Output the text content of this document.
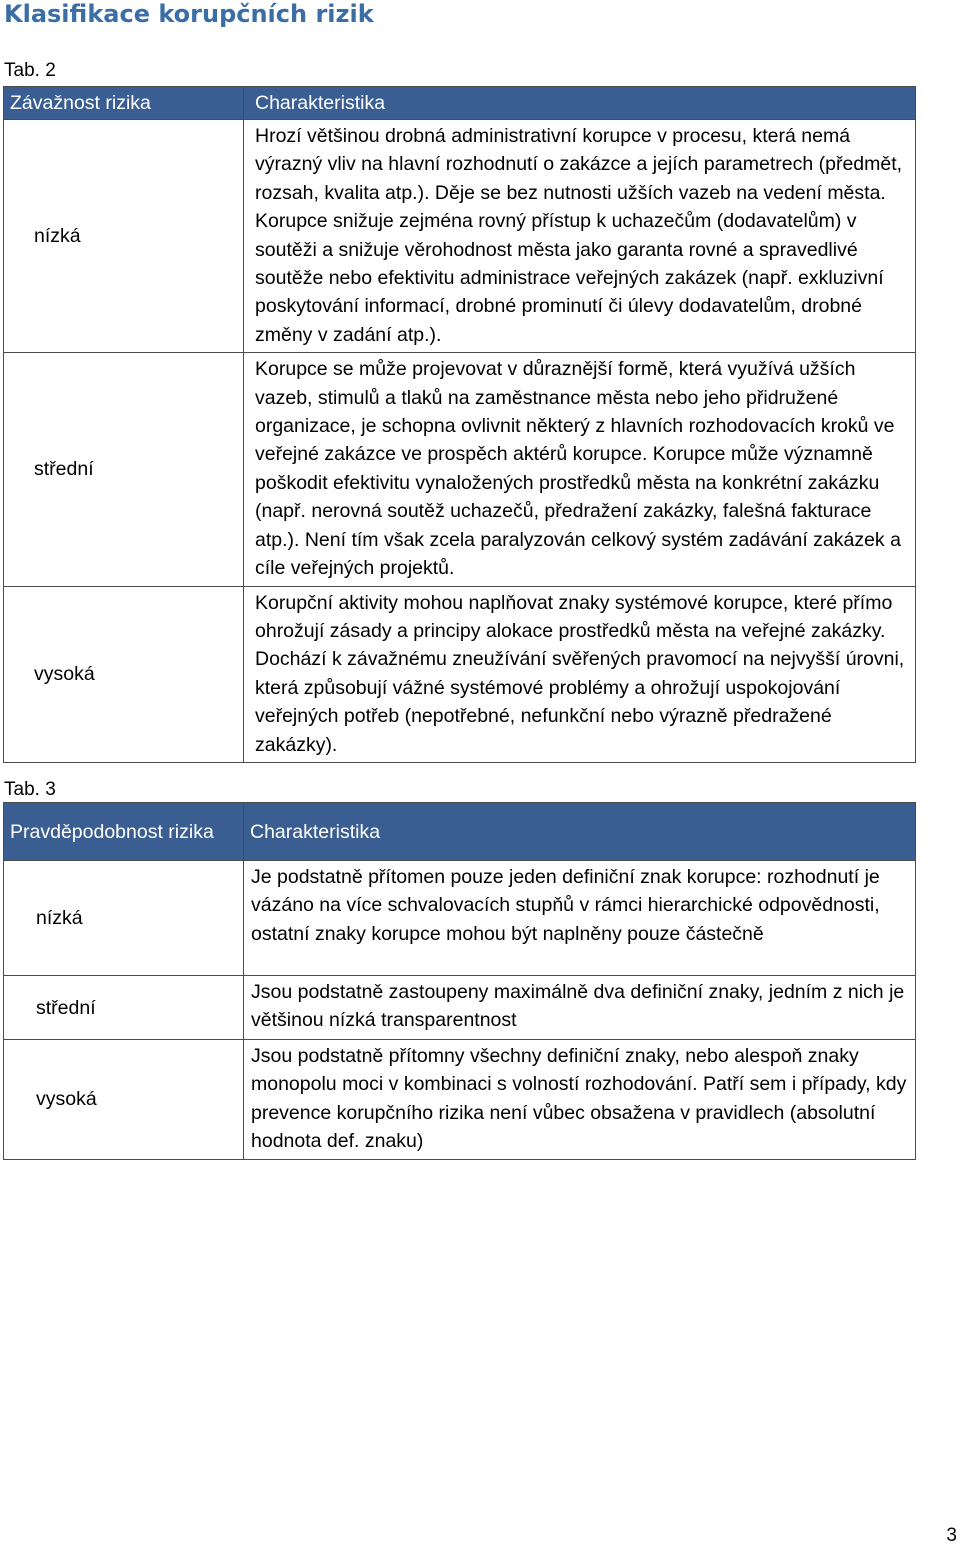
Klasifikace korupčních rizik
Tab. 2
Závažnost rizika	Charakteristika
nízká	Hrozí většinou drobná administrativní korupce v procesu, která nemá výrazný vliv na hlavní rozhodnutí o zakázce a jejích parametrech (předmět, rozsah, kvalita atp.). Děje se bez nutnosti užších vazeb na vedení města. Korupce snižuje zejména rovný přístup k uchazečům (dodavatelům) v soutěži a snižuje věrohodnost města jako garanta rovné a spravedlivé soutěže nebo efektivitu administrace veřejných zakázek (např. exkluzivní poskytování informací, drobné prominutí či úlevy dodavatelům, drobné změny v zadání atp.).
střední	Korupce se může projevovat v důraznější formě, která využívá užších vazeb, stimulů a tlaků na zaměstnance města nebo jeho přidružené organizace, je schopna ovlivnit některý z hlavních rozhodovacích kroků ve veřejné zakázce ve prospěch aktérů korupce. Korupce může významně poškodit efektivitu vynaložených prostředků města na konkrétní zakázku (např. nerovná soutěž uchazečů, předražení zakázky, falešná fakturace atp.). Není tím však zcela paralyzován celkový systém zadávání zakázek a cíle veřejných projektů.
vysoká	Korupční aktivity mohou naplňovat znaky systémové korupce, které přímo ohrožují zásady a principy alokace prostředků města na veřejné zakázky. Dochází k závažnému zneužívání svěřených pravomocí na nejvyšší úrovni, která způsobují vážné systémové problémy a ohrožují uspokojování veřejných potřeb (nepotřebné, nefunkční nebo výrazně předražené zakázky).
Tab. 3
Pravděpodobnost rizika	Charakteristika
nízká	Je podstatně přítomen pouze jeden definiční znak korupce: rozhodnutí je vázáno na více schvalovacích stupňů v rámci hierarchické odpovědnosti, ostatní znaky korupce mohou být naplněny pouze částečně
střední	Jsou podstatně zastoupeny maximálně dva definiční znaky, jedním z nich je většinou nízká transparentnost
vysoká	Jsou podstatně přítomny všechny definiční znaky, nebo alespoň znaky monopolu moci v kombinaci s volností rozhodování. Patří sem i případy, kdy prevence korupčního rizika není vůbec obsažena v pravidlech (absolutní hodnota def. znaku)
3
